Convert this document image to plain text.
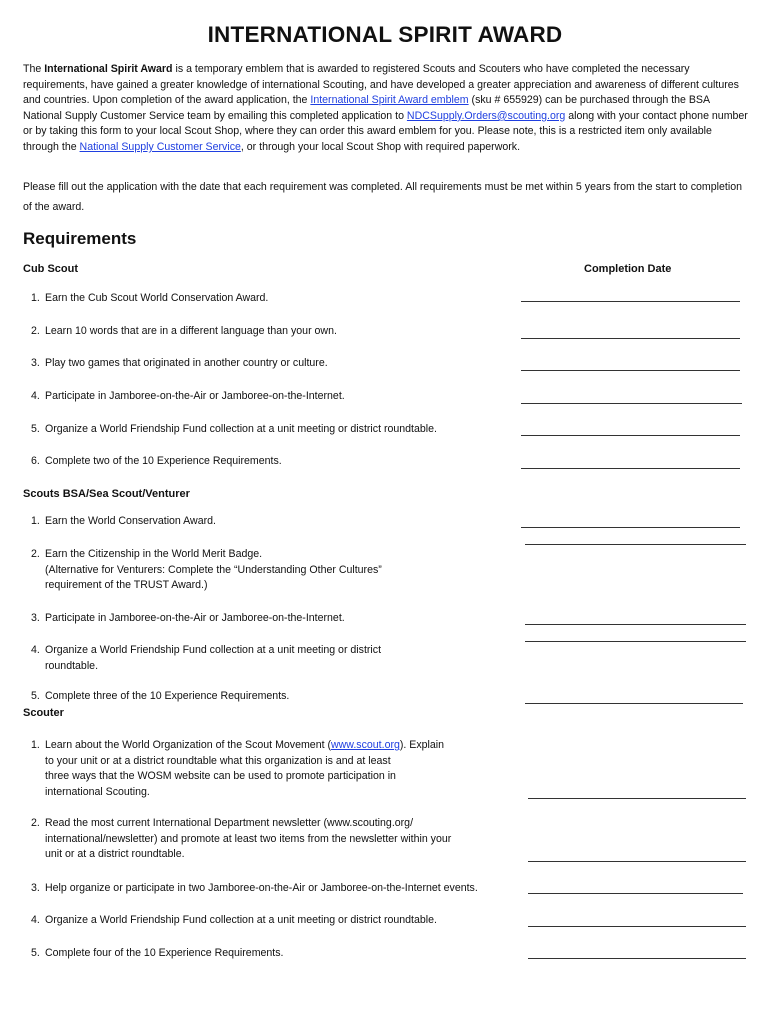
INTERNATIONAL SPIRIT AWARD
The International Spirit Award is a temporary emblem that is awarded to registered Scouts and Scouters who have completed the necessary requirements, have gained a greater knowledge of international Scouting, and have developed a greater appreciation and awareness of different cultures and countries. Upon completion of the award application, the International Spirit Award emblem (sku # 655929) can be purchased through the BSA National Supply Customer Service team by emailing this completed application to NDCSupply.Orders@scouting.org along with your contact phone number or by taking this form to your local Scout Shop, where they can order this award emblem for you. Please note, this is a restricted item only available through the National Supply Customer Service, or through your local Scout Shop with required paperwork.
Please fill out the application with the date that each requirement was completed. All requirements must be met within 5 years from the start to completion of the award.
Requirements
Cub Scout	Completion Date
1. Earn the Cub Scout World Conservation Award.
2. Learn 10 words that are in a different language than your own.
3. Play two games that originated in another country or culture.
4. Participate in Jamboree-on-the-Air or Jamboree-on-the-Internet.
5. Organize a World Friendship Fund collection at a unit meeting or district roundtable.
6. Complete two of the 10 Experience Requirements.
Scouts BSA/Sea Scout/Venturer
1. Earn the World Conservation Award.
2. Earn the Citizenship in the World Merit Badge.
(Alternative for Venturers: Complete the “Understanding Other Cultures”
requirement of the TRUST Award.)
3. Participate in Jamboree-on-the-Air or Jamboree-on-the-Internet.
4. Organize a World Friendship Fund collection at a unit meeting or district
roundtable.
5. Complete three of the 10 Experience Requirements.
Scouter
1. Learn about the World Organization of the Scout Movement (www.scout.org). Explain
to your unit or at a district roundtable what this organization is and at least
three ways that the WOSM website can be used to promote participation in
international Scouting.
2. Read the most current International Department newsletter (www.scouting.org/
international/newsletter) and promote at least two items from the newsletter within your
unit or at a district roundtable.
3. Help organize or participate in two Jamboree-on-the-Air or Jamboree-on-the-Internet events.
4. Organize a World Friendship Fund collection at a unit meeting or district roundtable.
5. Complete four of the 10 Experience Requirements.
